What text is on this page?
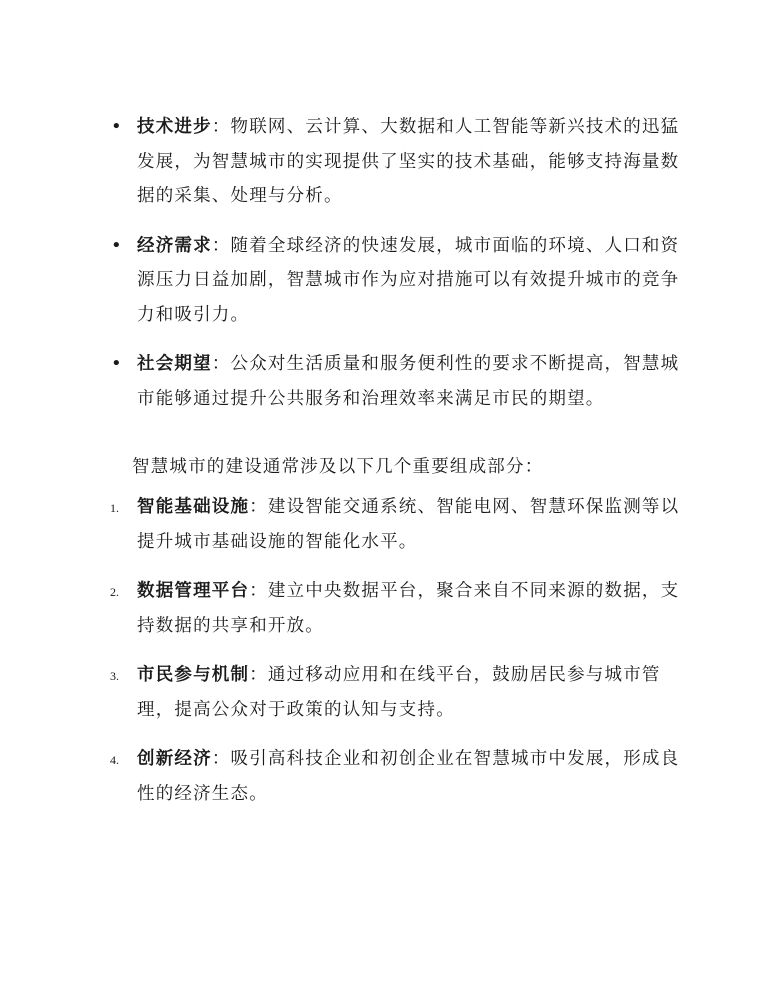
• 技术进步：物联网、云计算、大数据和人工智能等新兴技术的迅猛发展，为智慧城市的实现提供了坚实的技术基础，能够支持海量数据的采集、处理与分析。
• 经济需求：随着全球经济的快速发展，城市面临的环境、人口和资源压力日益加剧，智慧城市作为应对措施可以有效提升城市的竞争力和吸引力。
• 社会期望：公众对生活质量和服务便利性的要求不断提高，智慧城市能够通过提升公共服务和治理效率来满足市民的期望。

智慧城市的建设通常涉及以下几个重要组成部分：

1. 智能基础设施：建设智能交通系统、智能电网、智慧环保监测等以提升城市基础设施的智能化水平。
2. 数据管理平台：建立中央数据平台，聚合来自不同来源的数据，支持数据的共享和开放。
3. 市民参与机制：通过移动应用和在线平台，鼓励居民参与城市管理，提高公众对于政策的认知与支持。
4. 创新经济：吸引高科技企业和初创企业在智慧城市中发展，形成良性的经济生态。
